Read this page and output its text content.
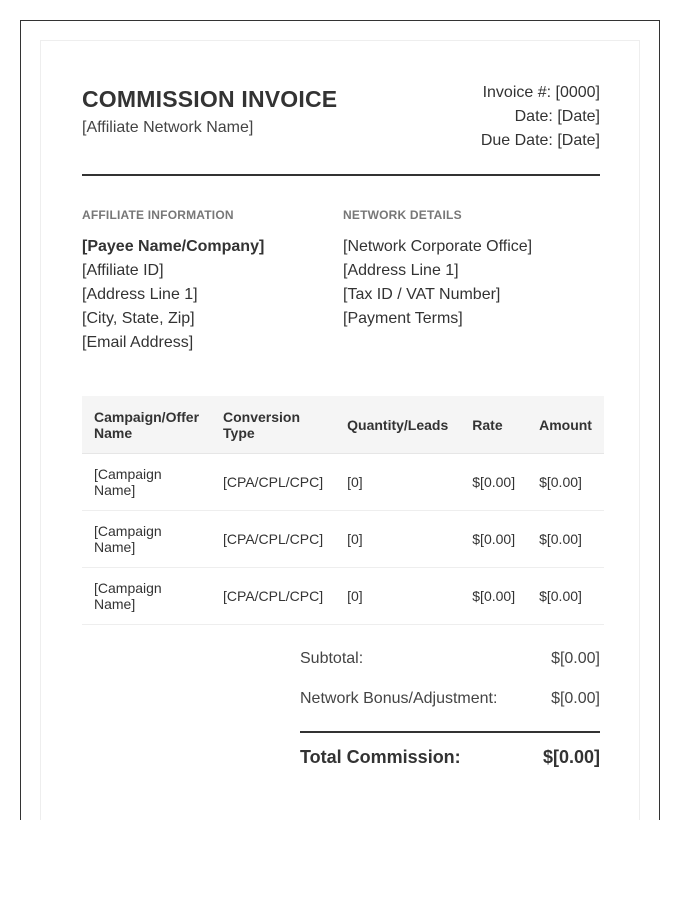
COMMISSION INVOICE
[Affiliate Network Name]
Invoice #: [0000]
Date: [Date]
Due Date: [Date]
AFFILIATE INFORMATION
[Payee Name/Company]
[Affiliate ID]
[Address Line 1]
[City, State, Zip]
[Email Address]
NETWORK DETAILS
[Network Corporate Office]
[Address Line 1]
[Tax ID / VAT Number]
[Payment Terms]
Campaign/Offer Name	Conversion Type	Quantity/Leads	Rate	Amount
[Campaign Name]	[CPA/CPL/CPC]	[0]	$[0.00]	$[0.00]
[Campaign Name]	[CPA/CPL/CPC]	[0]	$[0.00]	$[0.00]
[Campaign Name]	[CPA/CPL/CPC]	[0]	$[0.00]	$[0.00]
Subtotal:	$[0.00]
Network Bonus/Adjustment:	$[0.00]
Total Commission:	$[0.00]
